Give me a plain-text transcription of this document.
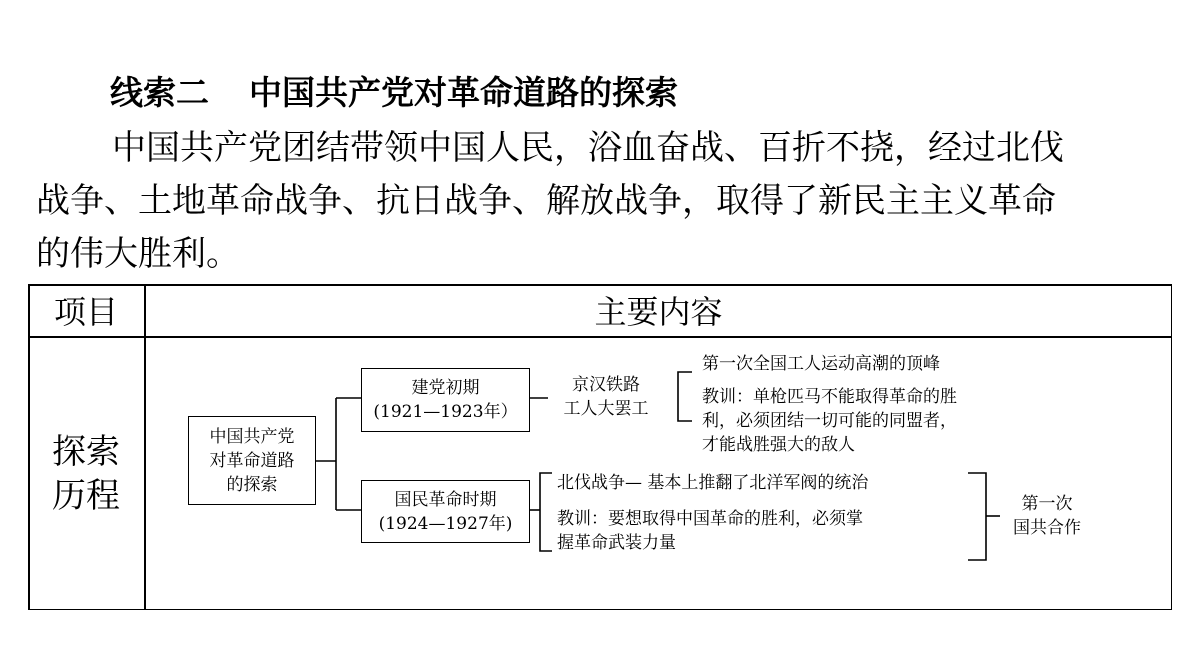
线索二 中国共产党对革命道路的探索
中国共产党团结带领中国人民，浴血奋战、百折不挠，经过北伐
战争、土地革命战争、抗日战争、解放战争，取得了新民主主义革命
的伟大胜利。
项目	主要内容
探索
历程
中国共产党
对革命道路
的探索
建党初期
(1921—1923年）
国民革命时期
(1924—1927年)
京汉铁路
工人大罢工
第一次全国工人运动高潮的顶峰
教训：单枪匹马不能取得革命的胜
利，必须团结一切可能的同盟者，
才能战胜强大的敌人
北伐战争— 基本上推翻了北洋军阀的统治
教训：要想取得中国革命的胜利，必须掌
握革命武装力量
第一次
国共合作
